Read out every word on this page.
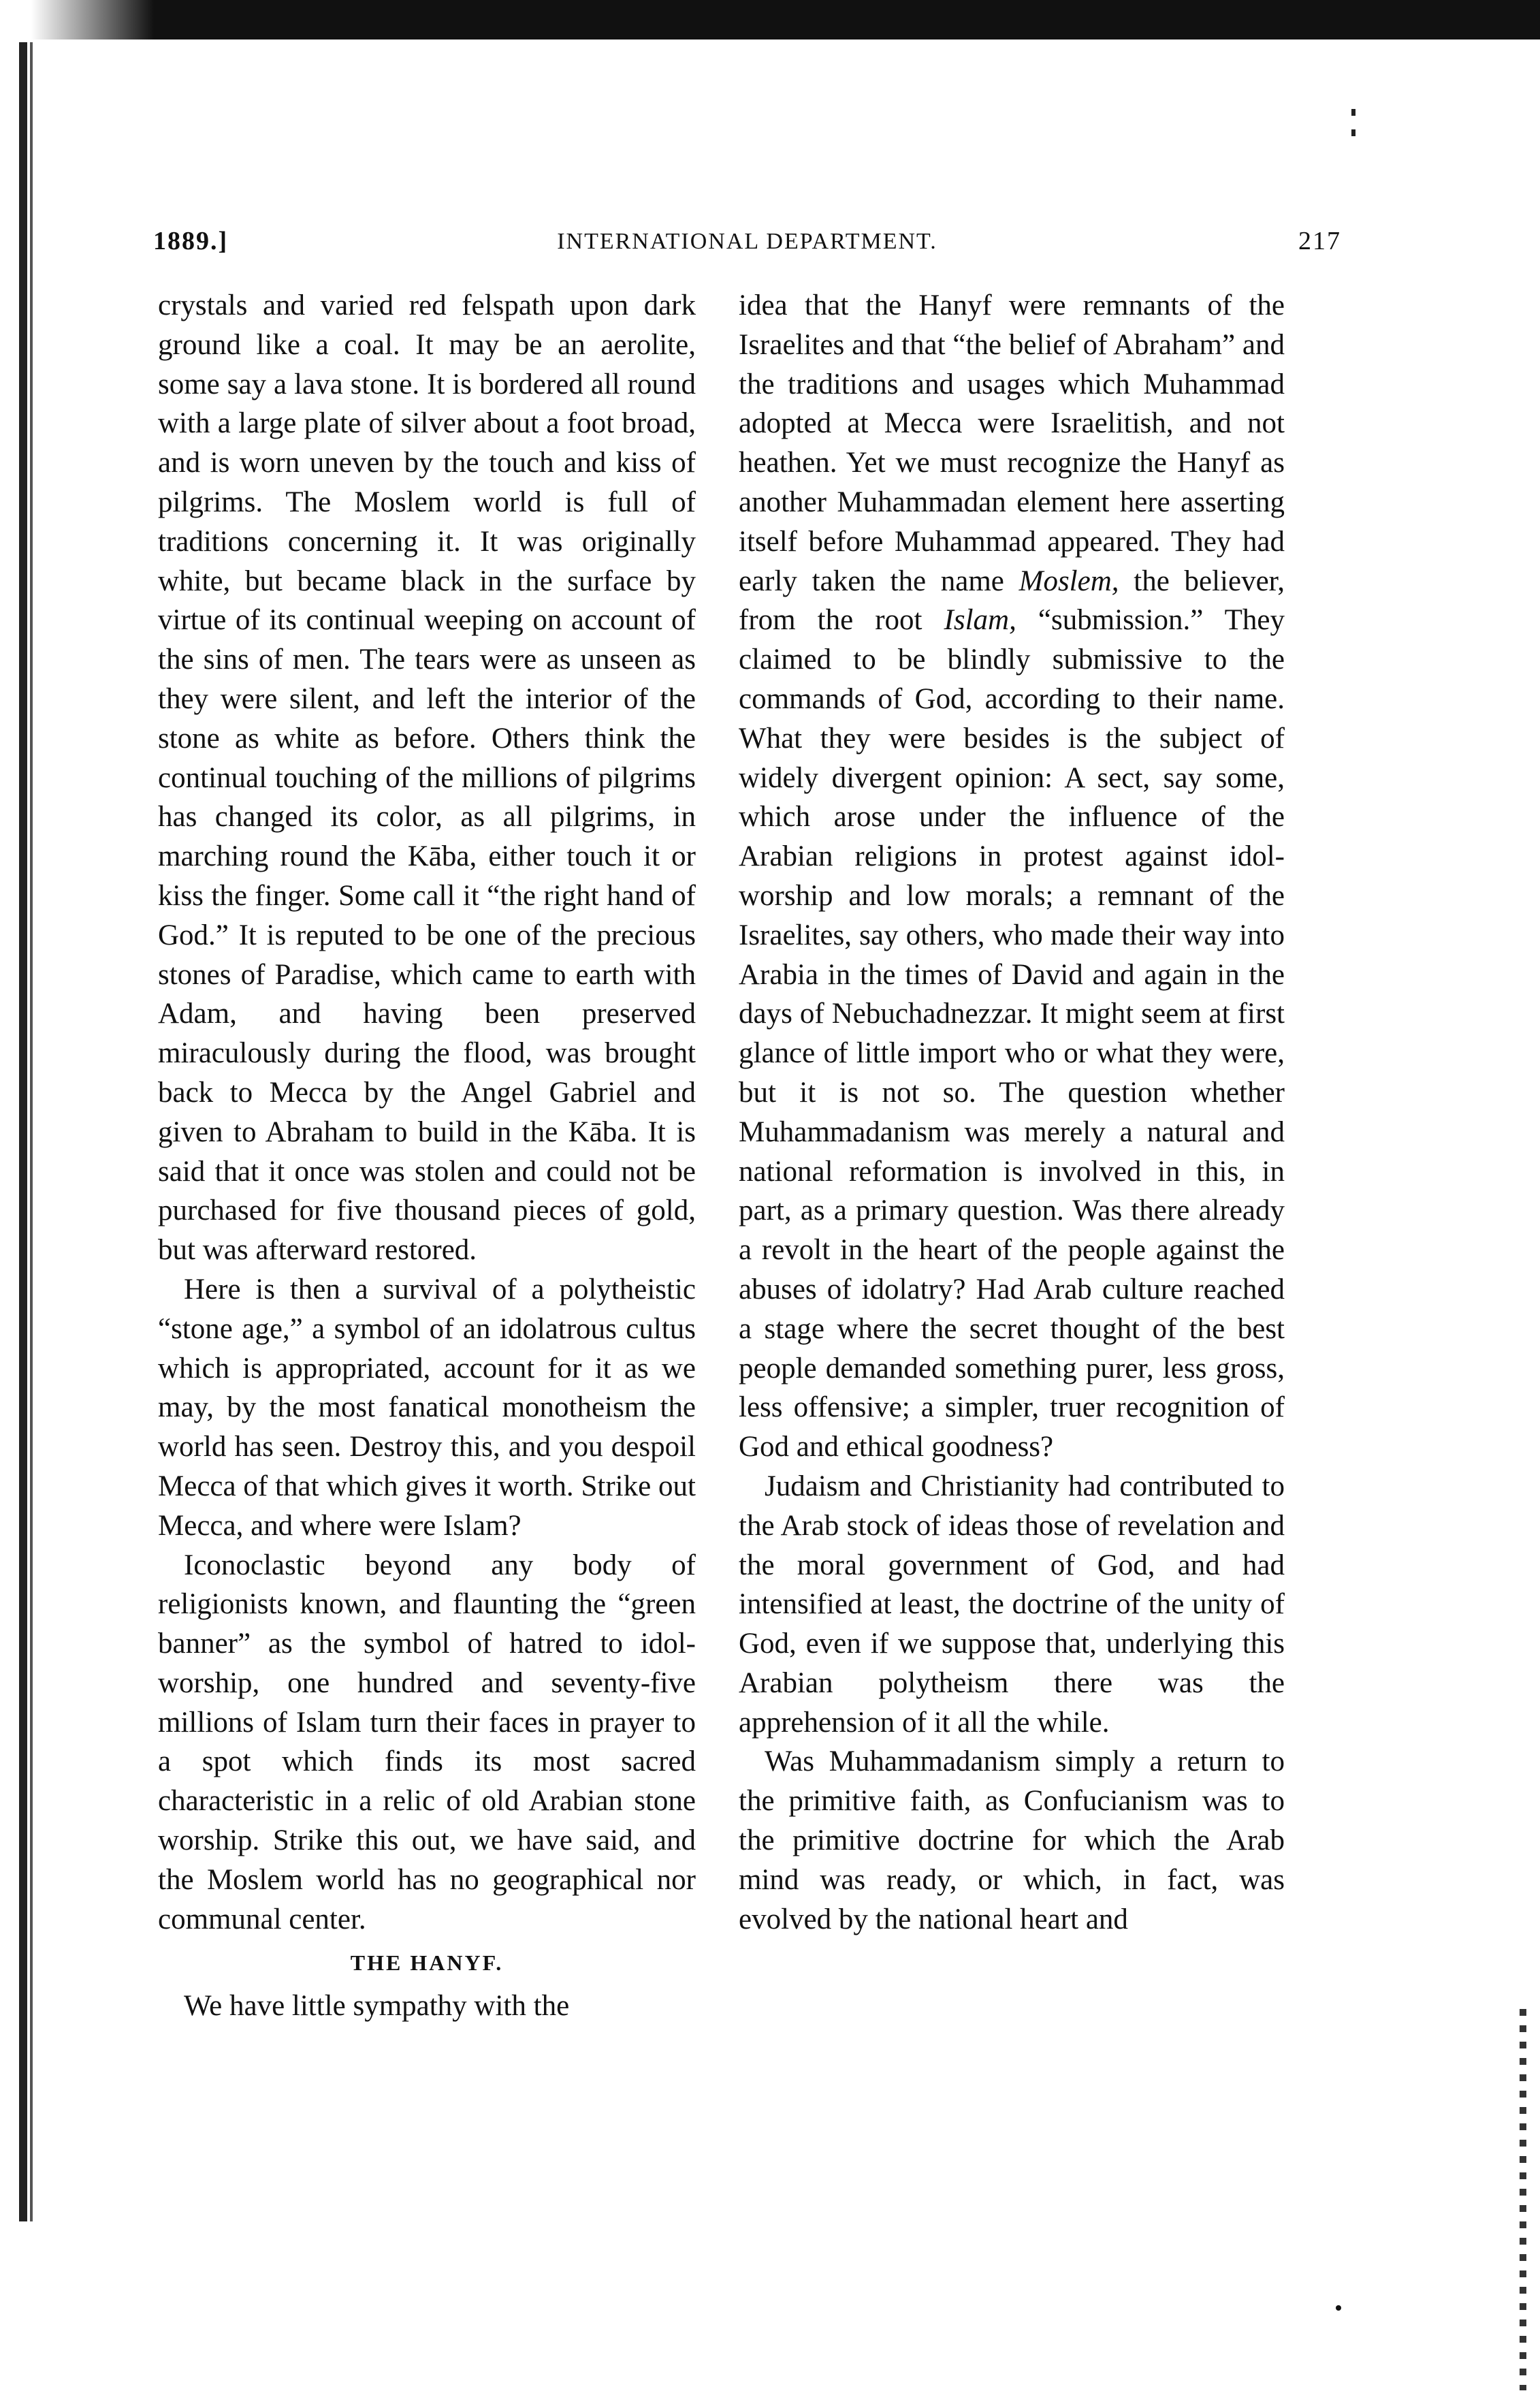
1889.]	INTERNATIONAL DEPARTMENT.	217

crystals and varied red felspath upon dark ground like a coal. It may be an aerolite, some say a lava stone. It is bordered all round with a large plate of silver about a foot broad, and is worn uneven by the touch and kiss of pilgrims. The Moslem world is full of traditions concerning it. It was originally white, but became black in the surface by virtue of its continual weeping on account of the sins of men. The tears were as unseen as they were silent, and left the interior of the stone as white as before. Others think the continual touching of the millions of pilgrims has changed its color, as all pilgrims, in marching round the Kāba, either touch it or kiss the finger. Some call it “the right hand of God.” It is reputed to be one of the precious stones of Paradise, which came to earth with Adam, and having been preserved miraculously during the flood, was brought back to Mecca by the Angel Gabriel and given to Abraham to build in the Kāba. It is said that it once was stolen and could not be purchased for five thousand pieces of gold, but was afterward restored.

Here is then a survival of a polytheistic “stone age,” a symbol of an idolatrous cultus which is appropriated, account for it as we may, by the most fanatical monotheism the world has seen. Destroy this, and you despoil Mecca of that which gives it worth. Strike out Mecca, and where were Islam?

Iconoclastic beyond any body of religionists known, and flaunting the “green banner” as the symbol of hatred to idol-worship, one hundred and seventy-five millions of Islam turn their faces in prayer to a spot which finds its most sacred characteristic in a relic of old Arabian stone worship. Strike this out, we have said, and the Moslem world has no geographical nor communal center.

THE HANYF.

We have little sympathy with the

idea that the Hanyf were remnants of the Israelites and that “the belief of Abraham” and the traditions and usages which Muhammad adopted at Mecca were Israelitish, and not heathen. Yet we must recognize the Hanyf as another Muhammadan element here asserting itself before Muhammad appeared. They had early taken the name Moslem, the believer, from the root Islam, “submission.” They claimed to be blindly submissive to the commands of God, according to their name. What they were besides is the subject of widely divergent opinion: A sect, say some, which arose under the influence of the Arabian religions in protest against idol-worship and low morals; a remnant of the Israelites, say others, who made their way into Arabia in the times of David and again in the days of Nebuchadnezzar. It might seem at first glance of little import who or what they were, but it is not so. The question whether Muhammadanism was merely a natural and national reformation is involved in this, in part, as a primary question. Was there already a revolt in the heart of the people against the abuses of idolatry? Had Arab culture reached a stage where the secret thought of the best people demanded something purer, less gross, less offensive; a simpler, truer recognition of God and ethical goodness?

Judaism and Christianity had contributed to the Arab stock of ideas those of revelation and the moral government of God, and had intensified at least, the doctrine of the unity of God, even if we suppose that, underlying this Arabian polytheism there was the apprehension of it all the while.

Was Muhammadanism simply a return to the primitive faith, as Confucianism was to the primitive doctrine for which the Arab mind was ready, or which, in fact, was evolved by the national heart and
